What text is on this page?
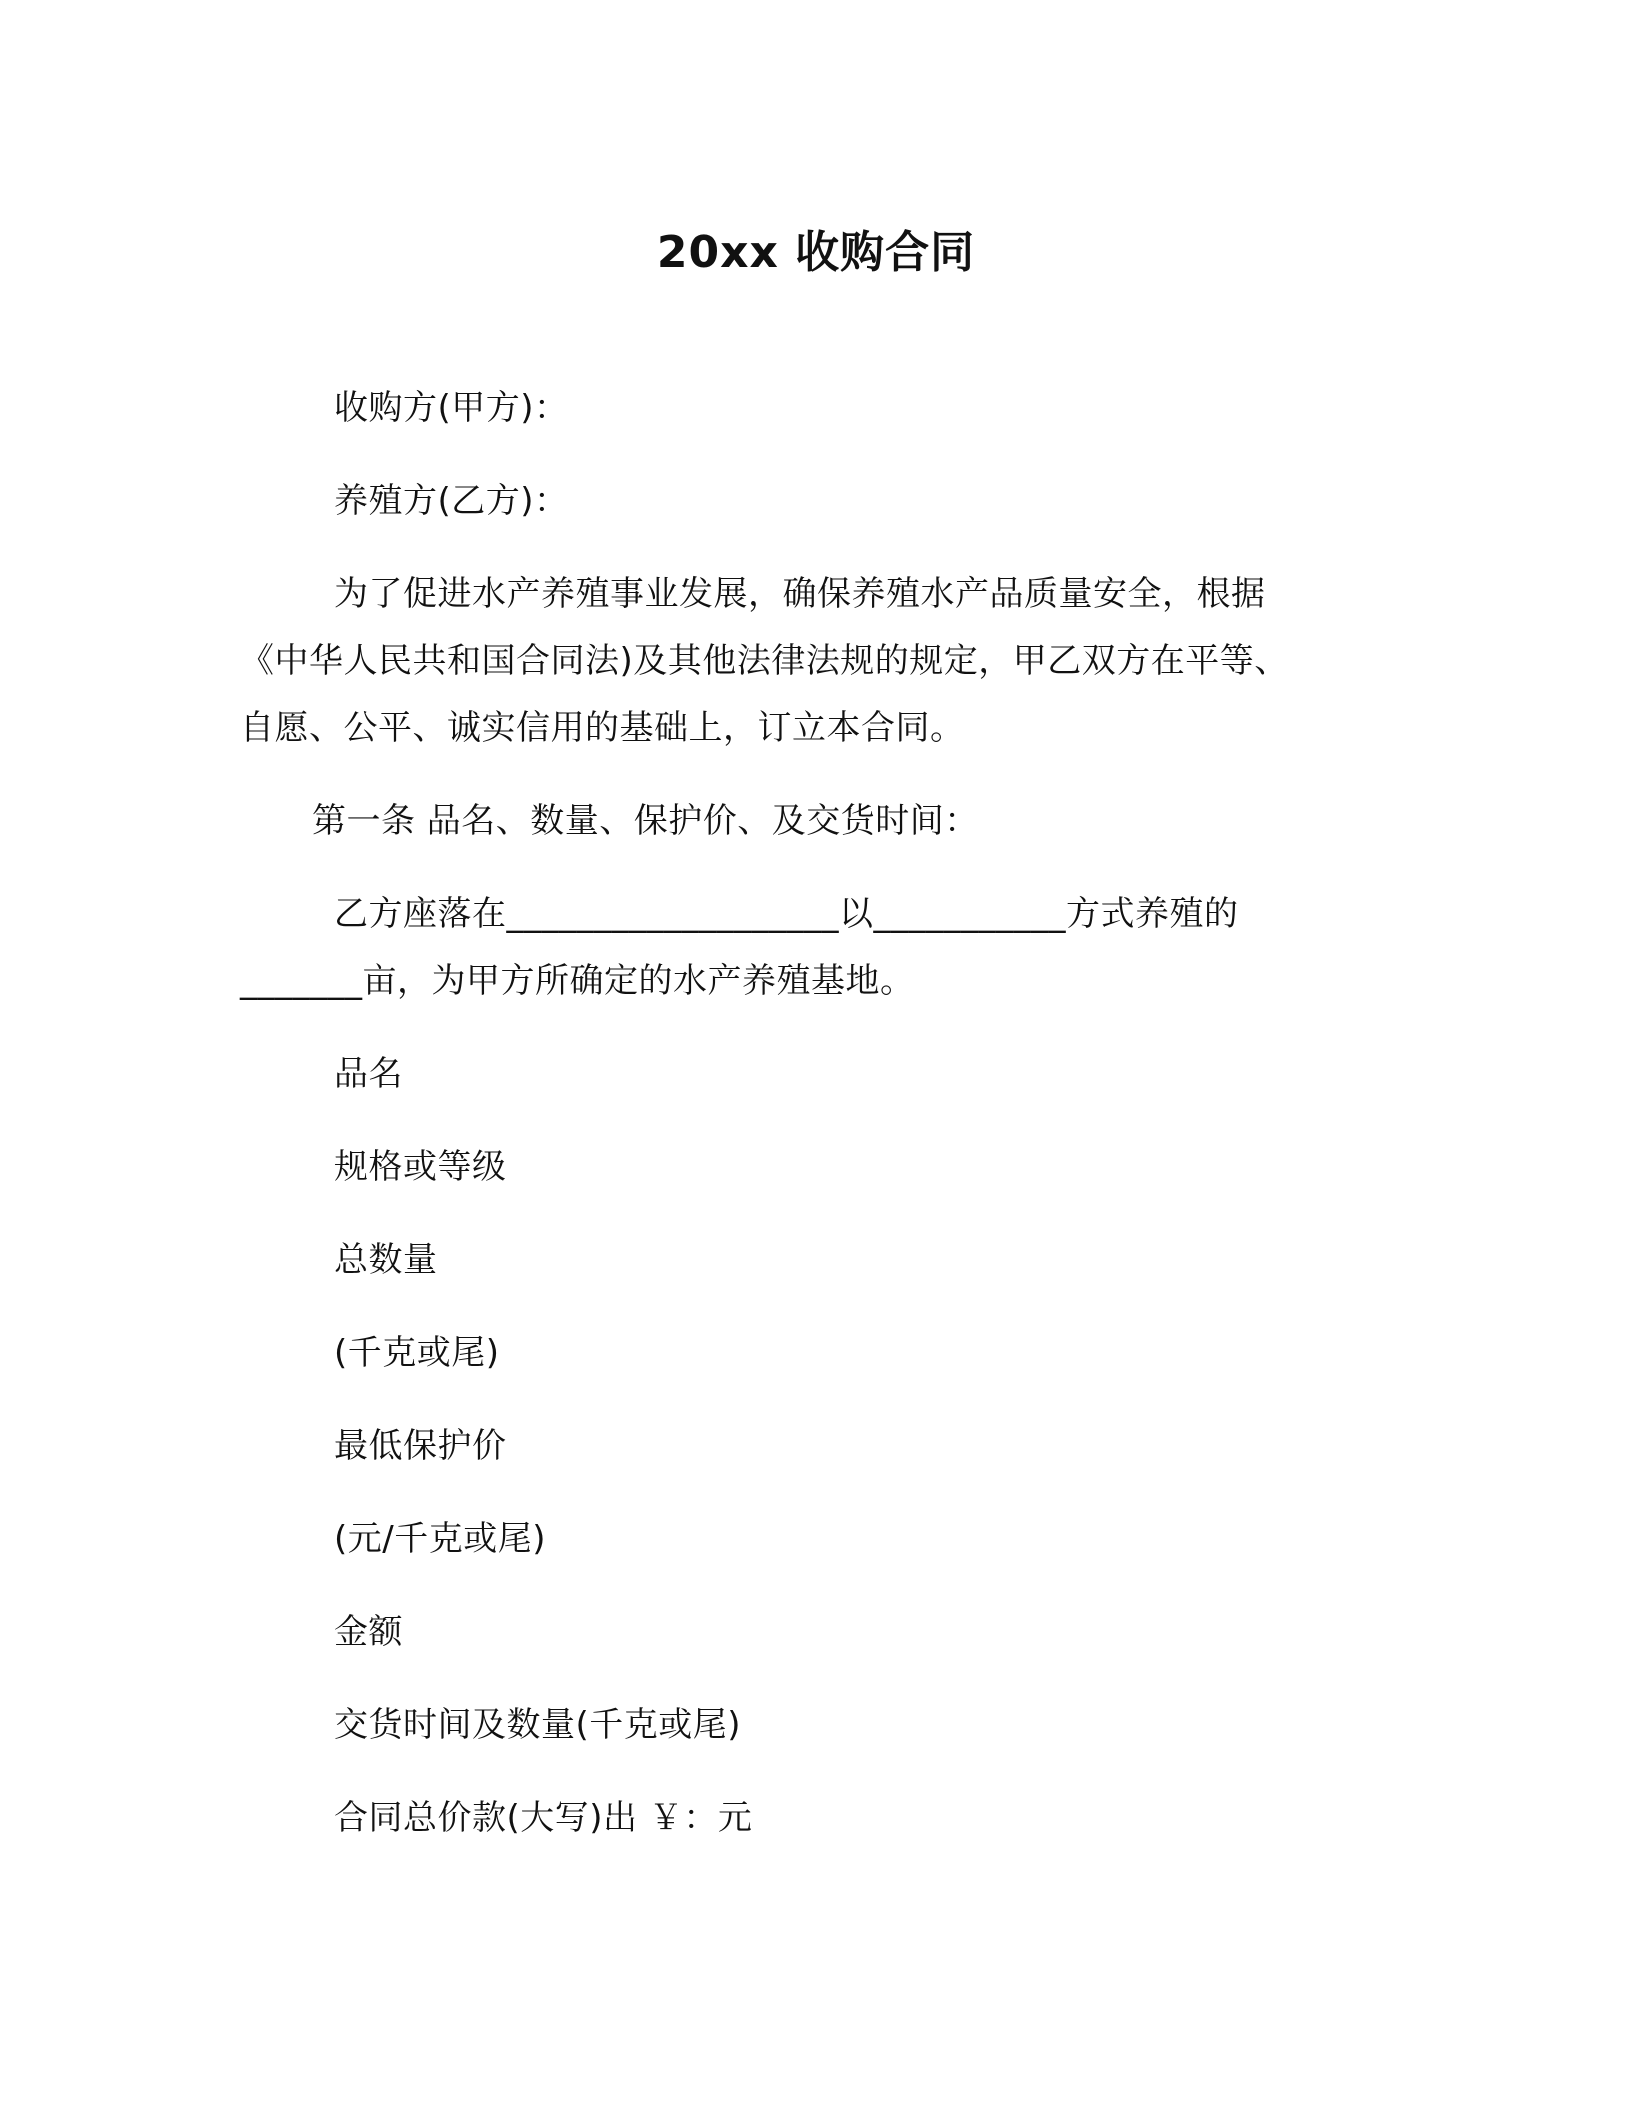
20xx 收购合同
收购方(甲方)：
养殖方(乙方)：
为了促进水产养殖事业发展，确保养殖水产品质量安全，根据
《中华人民共和国合同法)及其他法律法规的规定，甲乙双方在平等、
自愿、公平、诚实信用的基础上，订立本合同。
第一条 品名、数量、保护价、及交货时间：
乙方座落在___________________以___________方式养殖的
_______亩，为甲方所确定的水产养殖基地。
品名
规格或等级
总数量
(千克或尾)
最低保护价
(元/千克或尾)
金额
交货时间及数量(千克或尾)
合同总价款(大写)出 ￥：元
